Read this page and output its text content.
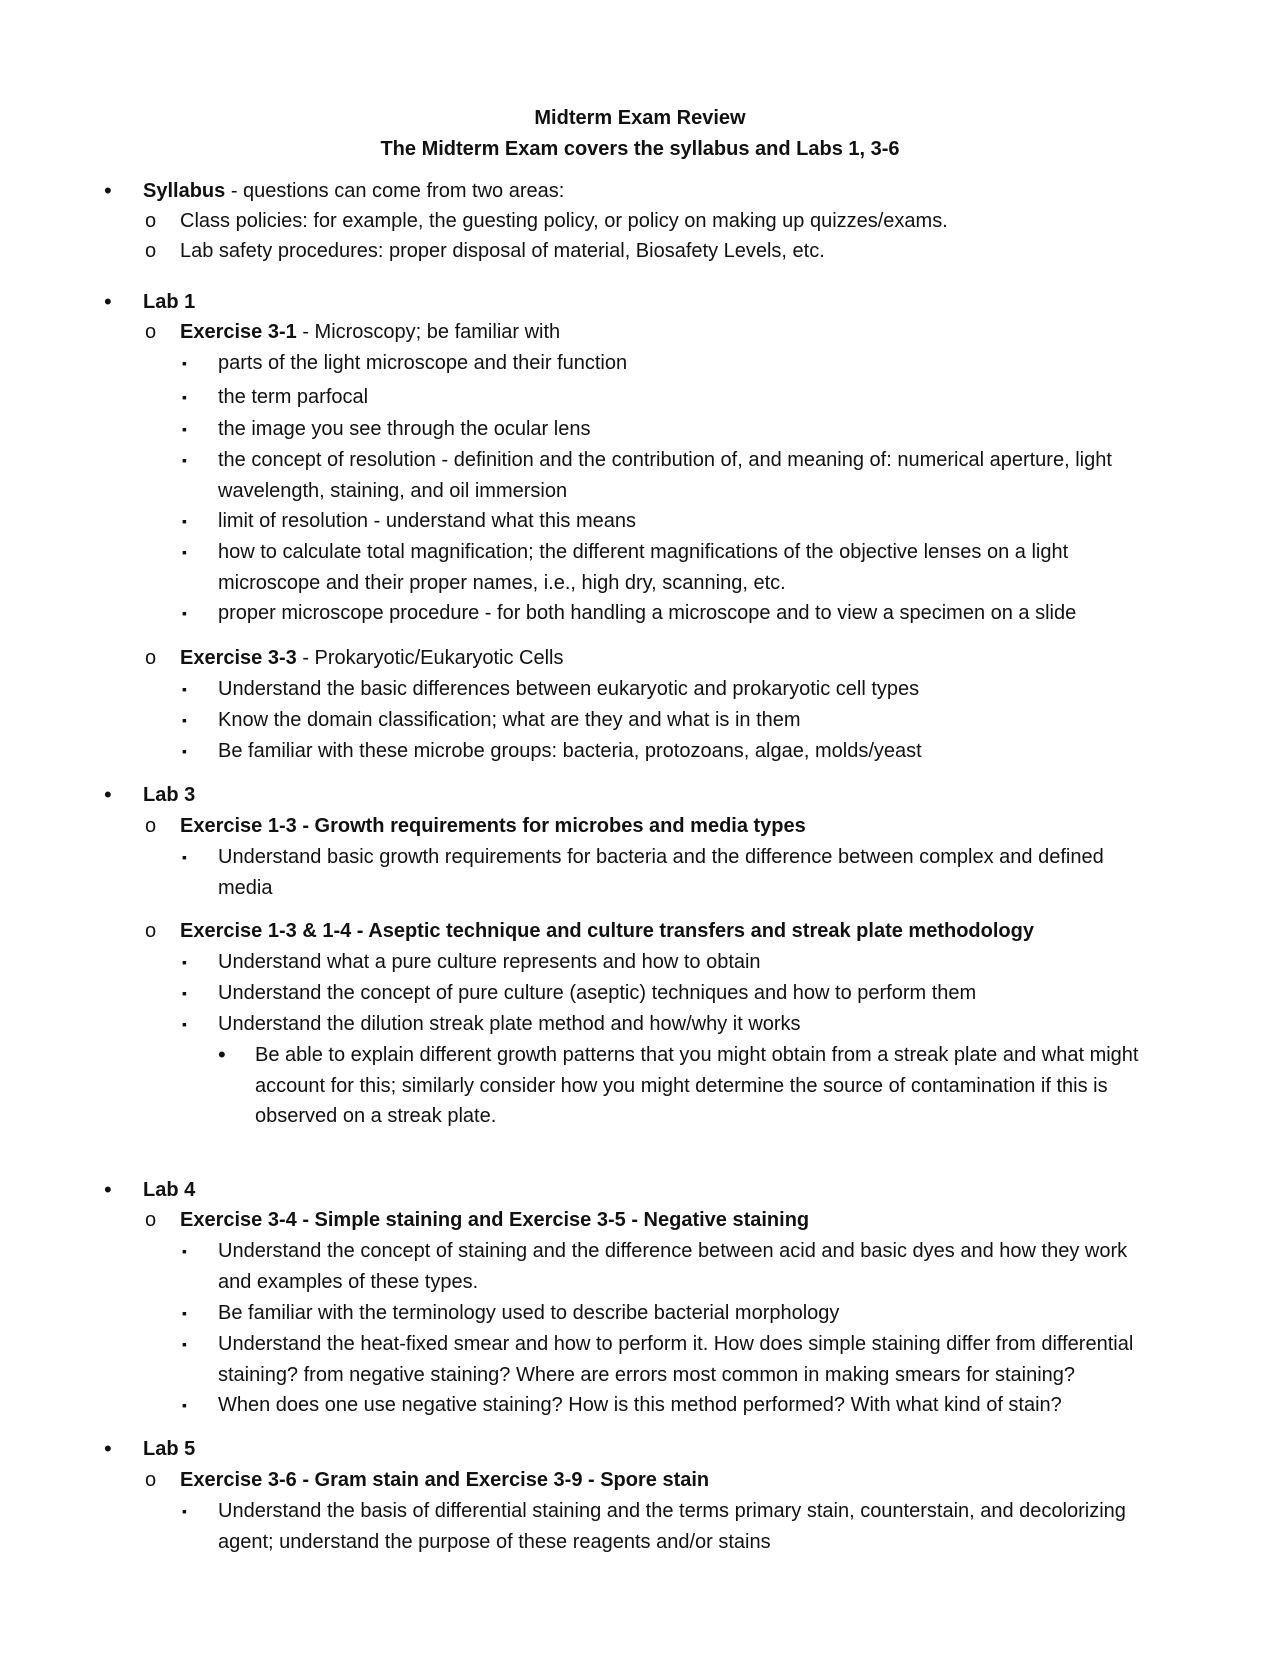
Midterm Exam Review
The Midterm Exam covers the syllabus and Labs 1, 3-6
• Syllabus - questions can come from two areas:
o Class policies: for example, the guesting policy, or policy on making up quizzes/exams.
o Lab safety procedures: proper disposal of material, Biosafety Levels, etc.
• Lab 1
o Exercise 3-1 - Microscopy; be familiar with
▪ parts of the light microscope and their function
▪ the term parfocal
▪ the image you see through the ocular lens
▪ the concept of resolution - definition and the contribution of, and meaning of: numerical aperture, light wavelength, staining, and oil immersion
▪ limit of resolution - understand what this means
▪ how to calculate total magnification; the different magnifications of the objective lenses on a light microscope and their proper names, i.e., high dry, scanning, etc.
▪ proper microscope procedure - for both handling a microscope and to view a specimen on a slide
o Exercise 3-3 - Prokaryotic/Eukaryotic Cells
▪ Understand the basic differences between eukaryotic and prokaryotic cell types
▪ Know the domain classification; what are they and what is in them
▪ Be familiar with these microbe groups: bacteria, protozoans, algae, molds/yeast
• Lab 3
o Exercise 1-3 - Growth requirements for microbes and media types
▪ Understand basic growth requirements for bacteria and the difference between complex and defined media
o Exercise 1-3 & 1-4 - Aseptic technique and culture transfers and streak plate methodology
▪ Understand what a pure culture represents and how to obtain
▪ Understand the concept of pure culture (aseptic) techniques and how to perform them
▪ Understand the dilution streak plate method and how/why it works
• Be able to explain different growth patterns that you might obtain from a streak plate and what might account for this; similarly consider how you might determine the source of contamination if this is observed on a streak plate.
• Lab 4
o Exercise 3-4 - Simple staining and Exercise 3-5 - Negative staining
▪ Understand the concept of staining and the difference between acid and basic dyes and how they work and examples of these types.
▪ Be familiar with the terminology used to describe bacterial morphology
▪ Understand the heat-fixed smear and how to perform it. How does simple staining differ from differential staining? from negative staining? Where are errors most common in making smears for staining?
▪ When does one use negative staining? How is this method performed? With what kind of stain?
• Lab 5
o Exercise 3-6 - Gram stain and Exercise 3-9 - Spore stain
▪ Understand the basis of differential staining and the terms primary stain, counterstain, and decolorizing agent; understand the purpose of these reagents and/or stains
